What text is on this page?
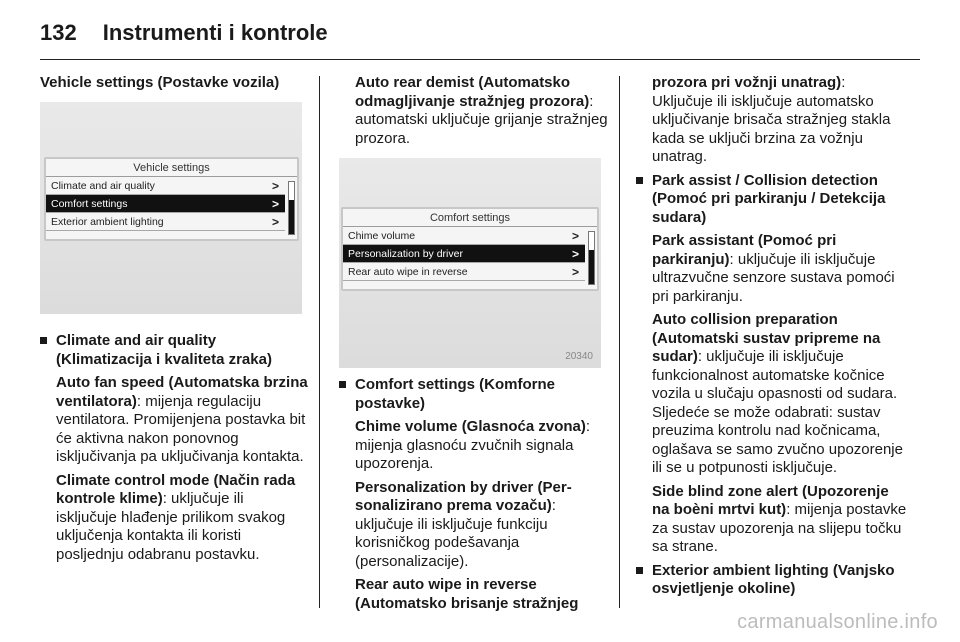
132 Instrumenti i kontrole

Vehicle settings (Postavke vozila)

Vehicle settings
Climate and air quality	>
Comfort settings	>
Exterior ambient lighting	>

Climate and air quality (Klimatizacija i kvaliteta zraka)

Auto fan speed (Automatska brzina ventilatora): mijenja regulaciju ventilatora. Promijenjena postavka bit će aktivna nakon ponovnog isključivanja pa uključivanja kontakta.

Climate control mode (Način rada kontrole klime): uključuje ili isključuje hlađenje prilikom svakog uključenja kontakta ili koristi posljednju odabranu postavku.

Auto rear demist (Automatsko odmagljivanje stražnjeg prozora): automatski uključuje grijanje stražnjeg prozora.

Comfort settings
Chime volume	>
Personalization by driver	>
Rear auto wipe in reverse	>
20340

Comfort settings (Komforne postavke)

Chime volume (Glasnoća zvona): mijenja glasnoću zvučnih signala upozorenja.

Personalization by driver (Personalizirano prema vozaču): uključuje ili isključuje funkciju korisničkog podešavanja (personalizacije).

Rear auto wipe in reverse (Automatsko brisanje stražnjeg

prozora pri vožnji unatrag): Uključuje ili isključuje automatsko uključivanje brisača stražnjeg stakla kada se uključi brzina za vožnju unatrag.

Park assist / Collision detection (Pomoć pri parkiranju / Detekcija sudara)

Park assistant (Pomoć pri parkiranju): uključuje ili isključuje ultrazvučne senzore sustava pomoći pri parkiranju.

Auto collision preparation (Automatski sustav pripreme na sudar): uključuje ili isključuje funkcionalnost automatske kočnice vozila u slučaju opasnosti od sudara. Sljedeće se može odabrati: sustav preuzima kontrolu nad kočnicama, oglašava se samo zvučno upozorenje ili se u potpunosti isključuje.

Side blind zone alert (Upozorenje na boèni mrtvi kut): mijenja postavke za sustav upozorenja na slijepu točku sa strane.

Exterior ambient lighting (Vanjsko osvjetljenje okoline)

carmanualsonline.info
